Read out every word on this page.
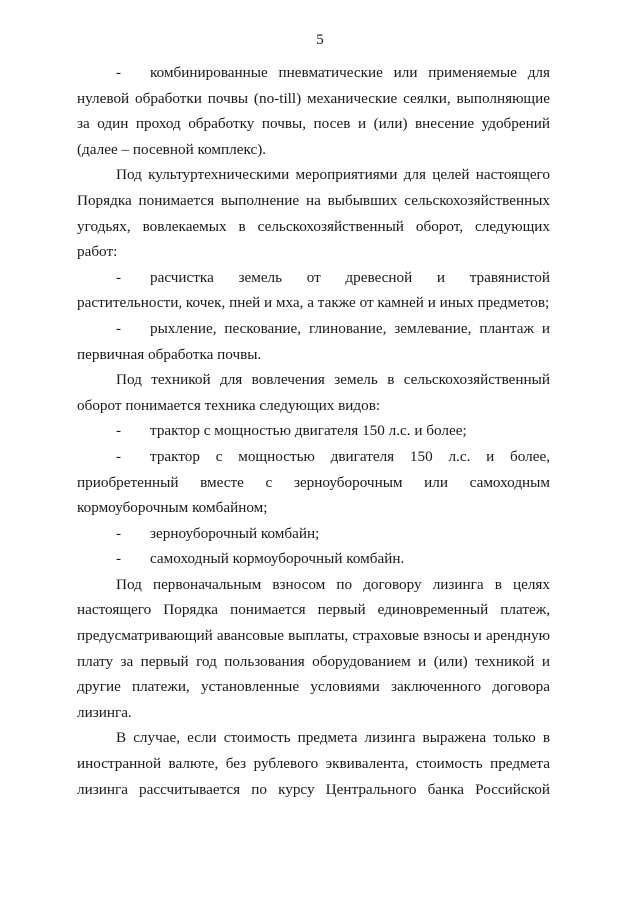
5

- комбинированные пневматические или применяемые для нулевой обработки почвы (no-till) механические сеялки, выполняющие за один проход обработку почвы, посев и (или) внесение удобрений (далее – посевной комплекс).

Под культуртехническими мероприятиями для целей настоящего Порядка понимается выполнение на выбывших сельскохозяйственных угодьях, вовлекаемых в сельскохозяйственный оборот, следующих работ:

- расчистка земель от древесной и травянистой растительности, кочек, пней и мха, а также от камней и иных предметов;

- рыхление, пескование, глинование, землевание, плантаж и первичная обработка почвы.

Под техникой для вовлечения земель в сельскохозяйственный оборот понимается техника следующих видов:

- трактор с мощностью двигателя 150 л.с. и более;

- трактор с мощностью двигателя 150 л.с. и более, приобретенный вместе с зерноуборочным или самоходным кормоуборочным комбайном;

- зерноуборочный комбайн;

- самоходный кормоуборочный комбайн.

Под первоначальным взносом по договору лизинга в целях настоящего Порядка понимается первый единовременный платеж, предусматривающий авансовые выплаты, страховые взносы и арендную плату за первый год пользования оборудованием и (или) техникой и другие платежи, установленные условиями заключенного договора лизинга.

В случае, если стоимость предмета лизинга выражена только в иностранной валюте, без рублевого эквивалента, стоимость предмета лизинга рассчитывается по курсу Центрального банка Российской
